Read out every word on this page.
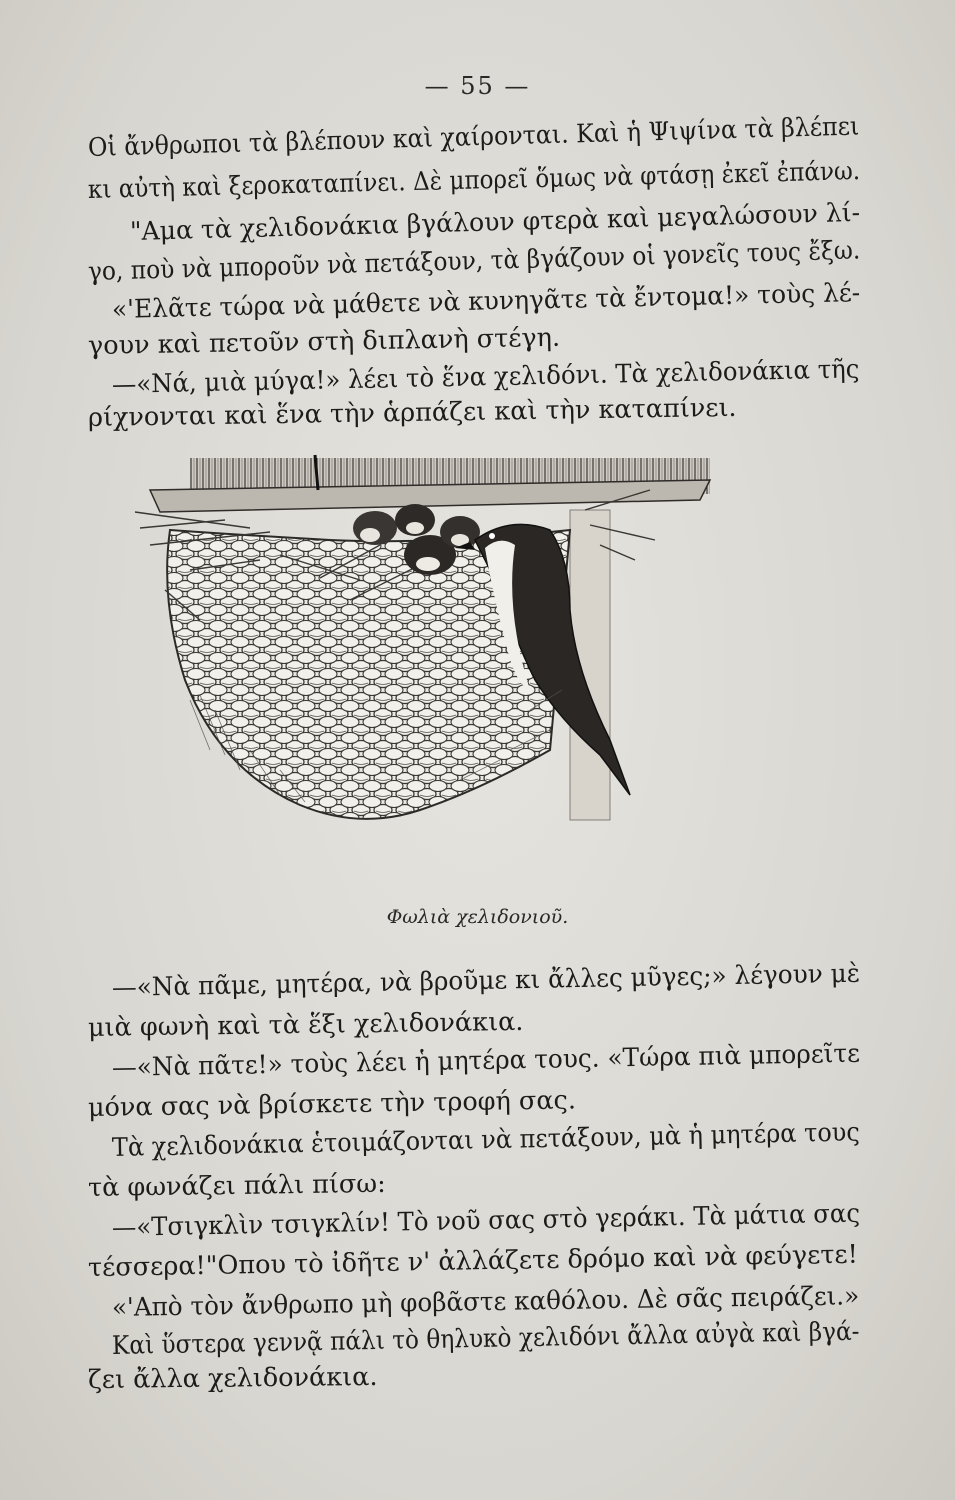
— 55 —
Οἱ ἄνθρωποι τὰ βλέπουν καὶ χαίρονται. Καὶ ἡ Ψιψίνα τὰ βλέπει
κι αὐτὴ καὶ ξεροκαταπίνει. Δὲ μπορεῖ ὅμως νὰ φτάσῃ ἐκεῖ ἐπάνω.
"Αμα τὰ χελιδονάκια βγάλουν φτερὰ καὶ μεγαλώσουν λί-
γο, ποὺ νὰ μποροῦν νὰ πετάξουν, τὰ βγάζουν οἱ γονεῖς τους ἔξω.
«'Ελᾶτε τώρα νὰ μάθετε νὰ κυνηγᾶτε τὰ ἔντομα!» τοὺς λέ-
γουν καὶ πετοῦν στὴ διπλανὴ στέγη.
—«Νά, μιὰ μύγα!» λέει τὸ ἕνα χελιδόνι. Τὰ χελιδονάκια τῆς
ρίχνονται καὶ ἕνα τὴν ἁρπάζει καὶ τὴν καταπίνει.
Φωλιὰ χελιδονιοῦ.
—«Νὰ πᾶμε, μητέρα, νὰ βροῦμε κι ἄλλες μῦγες;» λέγουν μὲ
μιὰ φωνὴ καὶ τὰ ἕξι χελιδονάκια.
—«Νὰ πᾶτε!» τοὺς λέει ἡ μητέρα τους. «Τώρα πιὰ μπορεῖτε
μόνα σας νὰ βρίσκετε τὴν τροφή σας.
Τὰ χελιδονάκια ἑτοιμάζονται νὰ πετάξουν, μὰ ἡ μητέρα τους
τὰ φωνάζει πάλι πίσω:
—«Τσιγκλὶν τσιγκλίν! Τὸ νοῦ σας στὸ γεράκι. Τὰ μάτια σας
τέσσερα!"Οπου τὸ ἰδῆτε ν' ἀλλάζετε δρόμο καὶ νὰ φεύγετε!
«'Απὸ τὸν ἄνθρωπο μὴ φοβᾶστε καθόλου. Δὲ σᾶς πειράζει.»
Καὶ ὕστερα γεννᾷ πάλι τὸ θηλυκὸ χελιδόνι ἄλλα αὐγὰ καὶ βγά-
ζει ἄλλα χελιδονάκια.
